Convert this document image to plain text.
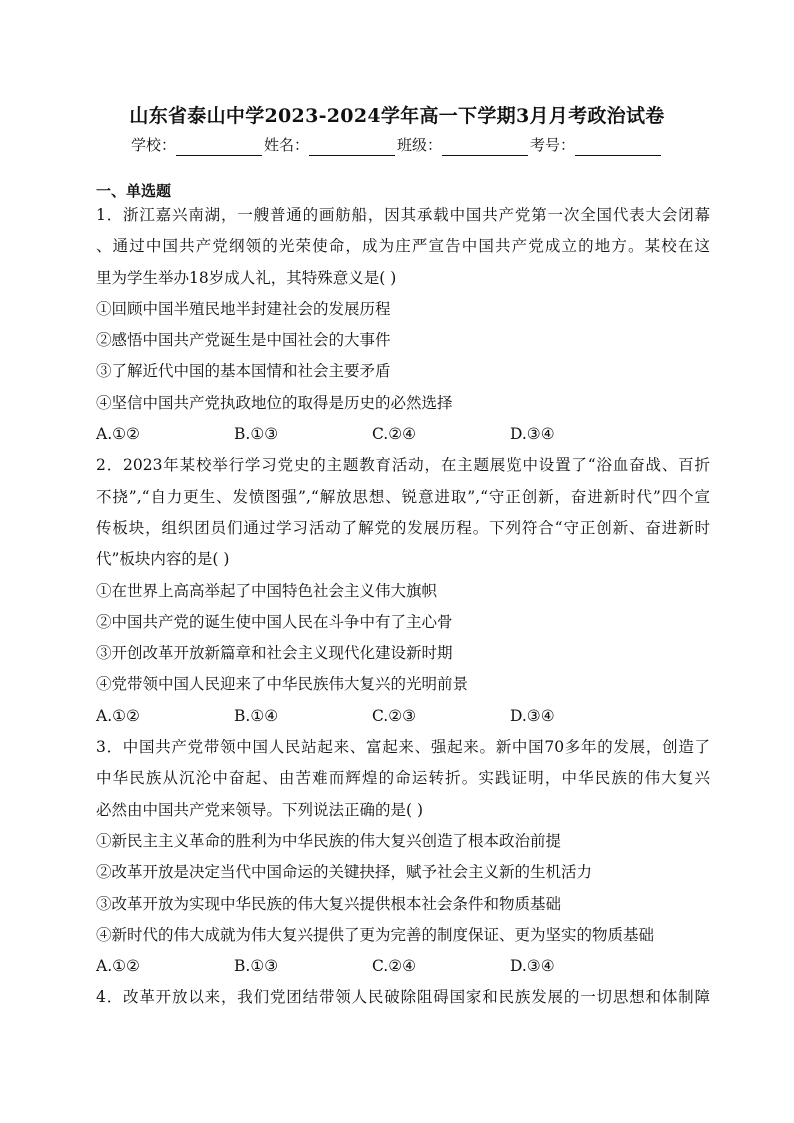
山东省泰山中学2023-2024学年高一下学期3月月考政治试卷
学校：	姓名：	班级：	考号：
一、单选题
1．浙江嘉兴南湖，一艘普通的画舫船，因其承载中国共产党第一次全国代表大会闭幕
、通过中国共产党纲领的光荣使命，成为庄严宣告中国共产党成立的地方。某校在这
里为学生举办18岁成人礼，其特殊意义是( )
①回顾中国半殖民地半封建社会的发展历程
②感悟中国共产党诞生是中国社会的大事件
③了解近代中国的基本国情和社会主要矛盾
④坚信中国共产党执政地位的取得是历史的必然选择
A.①②	B.①③	C.②④	D.③④
2．2023年某校举行学习党史的主题教育活动，在主题展览中设置了“浴血奋战、百折
不挠”,“自力更生、发愤图强”,“解放思想、锐意进取”,“守正创新，奋进新时代”四个宣
传板块，组织团员们通过学习活动了解党的发展历程。下列符合“守正创新、奋进新时
代”板块内容的是( )
①在世界上高高举起了中国特色社会主义伟大旗帜
②中国共产党的诞生使中国人民在斗争中有了主心骨
③开创改革开放新篇章和社会主义现代化建设新时期
④党带领中国人民迎来了中华民族伟大复兴的光明前景
A.①②	B.①④	C.②③	D.③④
3．中国共产党带领中国人民站起来、富起来、强起来。新中国70多年的发展，创造了
中华民族从沉沦中奋起、由苦难而辉煌的命运转折。实践证明，中华民族的伟大复兴
必然由中国共产党来领导。下列说法正确的是( )
①新民主主义革命的胜利为中华民族的伟大复兴创造了根本政治前提
②改革开放是决定当代中国命运的关键抉择，赋予社会主义新的生机活力
③改革开放为实现中华民族的伟大复兴提供根本社会条件和物质基础
④新时代的伟大成就为伟大复兴提供了更为完善的制度保证、更为坚实的物质基础
A.①②	B.①③	C.②④	D.③④
4．改革开放以来，我们党团结带领人民破除阻碍国家和民族发展的一切思想和体制障
